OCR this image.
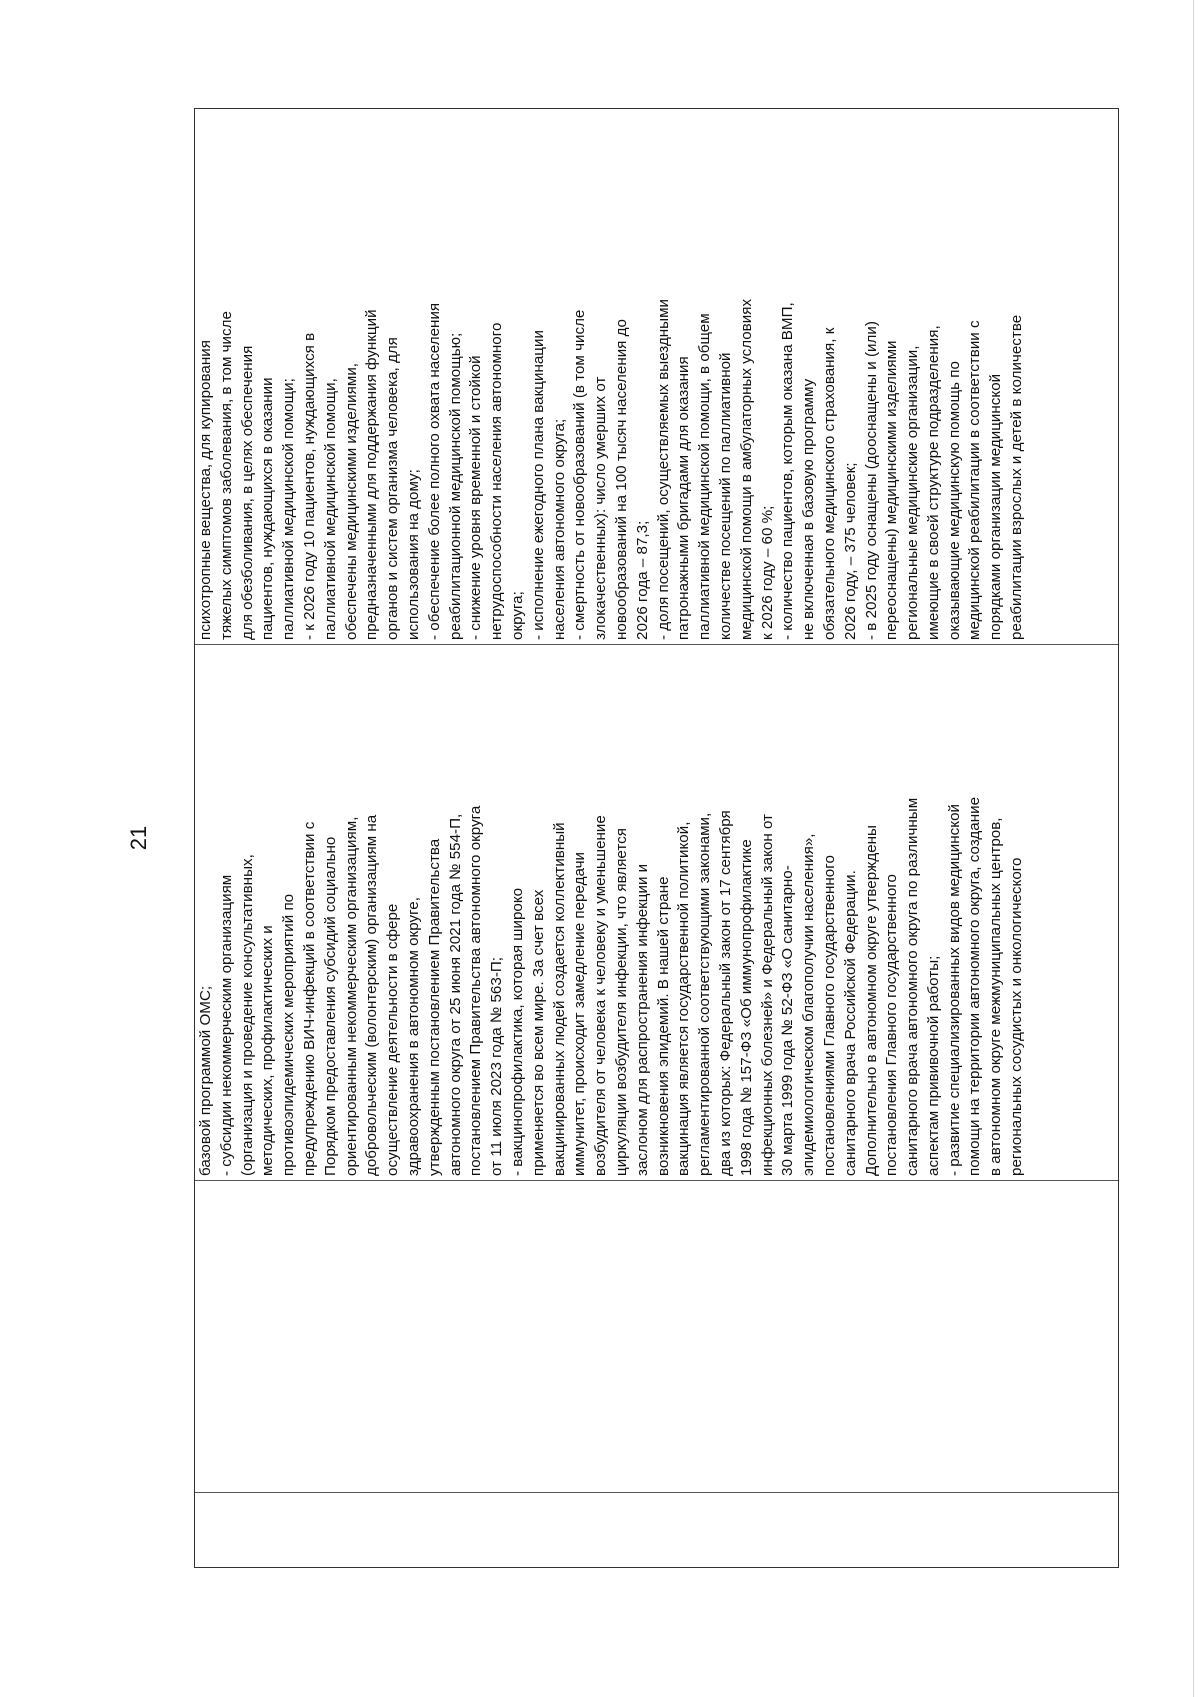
21

базовой программой ОМС; - субсидии некоммерческим организациям (организация и проведение консультативных, методических, профилактических и противоэпидемических мероприятий по предупреждению ВИЧ-инфекций в соответствии с Порядком предоставления субсидий социально ориентированным некоммерческим организациям, добровольческим (волонтерским) организациям на осуществление деятельности в сфере здравоохранения в автономном округе, утвержденным постановлением Правительства автономного округа от 25 июня 2021 года № 554-П, постановлением Правительства автономного округа от 11 июля 2023 года № 563-П; - вакцинопрофилактика, которая широко применяется во всем мире. За счет всех вакцинированных людей создается коллективный иммунитет, происходит замедление передачи возбудителя от человека к человеку и уменьшение циркуляции возбудителя инфекции, что является заслоном для распространения инфекции и возникновения эпидемий. В нашей стране вакцинация является государственной политикой, регламентированной соответствующими законами, два из которых: Федеральный закон от 17 сентября 1998 года № 157-ФЗ «Об иммунопрофилактике инфекционных болезней» и Федеральный закон от 30 марта 1999 года № 52-ФЗ «О санитарно- эпидемиологическом благополучии населения», постановлениями Главного государственного санитарного врача Российской Федерации. Дополнительно в автономном округе утверждены постановления Главного государственного санитарного врача автономного округа по различным аспектам прививочной работы; - развитие специализированных видов медицинской помощи на территории автономного округа, создание в автономном округе межмуниципальных центров, региональных сосудистых и онкологического

психотропные вещества, для купирования тяжелых симптомов заболевания, в том числе для обезболивания, в целях обеспечения пациентов, нуждающихся в оказании паллиативной медицинской помощи; - к 2026 году 10 пациентов, нуждающихся в паллиативной медицинской помощи, обеспечены медицинскими изделиями, предназначенными для поддержания функций органов и систем организма человека, для использования на дому; - обеспечение более полного охвата населения реабилитационной медицинской помощью; - снижение уровня временной и стойкой нетрудоспособности населения автономного округа; - исполнение ежегодного плана вакцинации населения автономного округа; - смертность от новообразований (в том числе злокачественных): число умерших от новообразований на 100 тысяч населения до 2026 года – 87,3; - доля посещений, осуществляемых выездными патронажными бригадами для оказания паллиативной медицинской помощи, в общем количестве посещений по паллиативной медицинской помощи в амбулаторных условиях к 2026 году – 60 %; - количество пациентов, которым оказана ВМП, не включенная в базовую программу обязательного медицинского страхования, к 2026 году, – 375 человек; - в 2025 году оснащены (дооснащены и (или) переоснащены) медицинскими изделиями региональные медицинские организации, имеющие в своей структуре подразделения, оказывающие медицинскую помощь по медицинской реабилитации в соответствии с порядками организации медицинской реабилитации взрослых и детей в количестве
